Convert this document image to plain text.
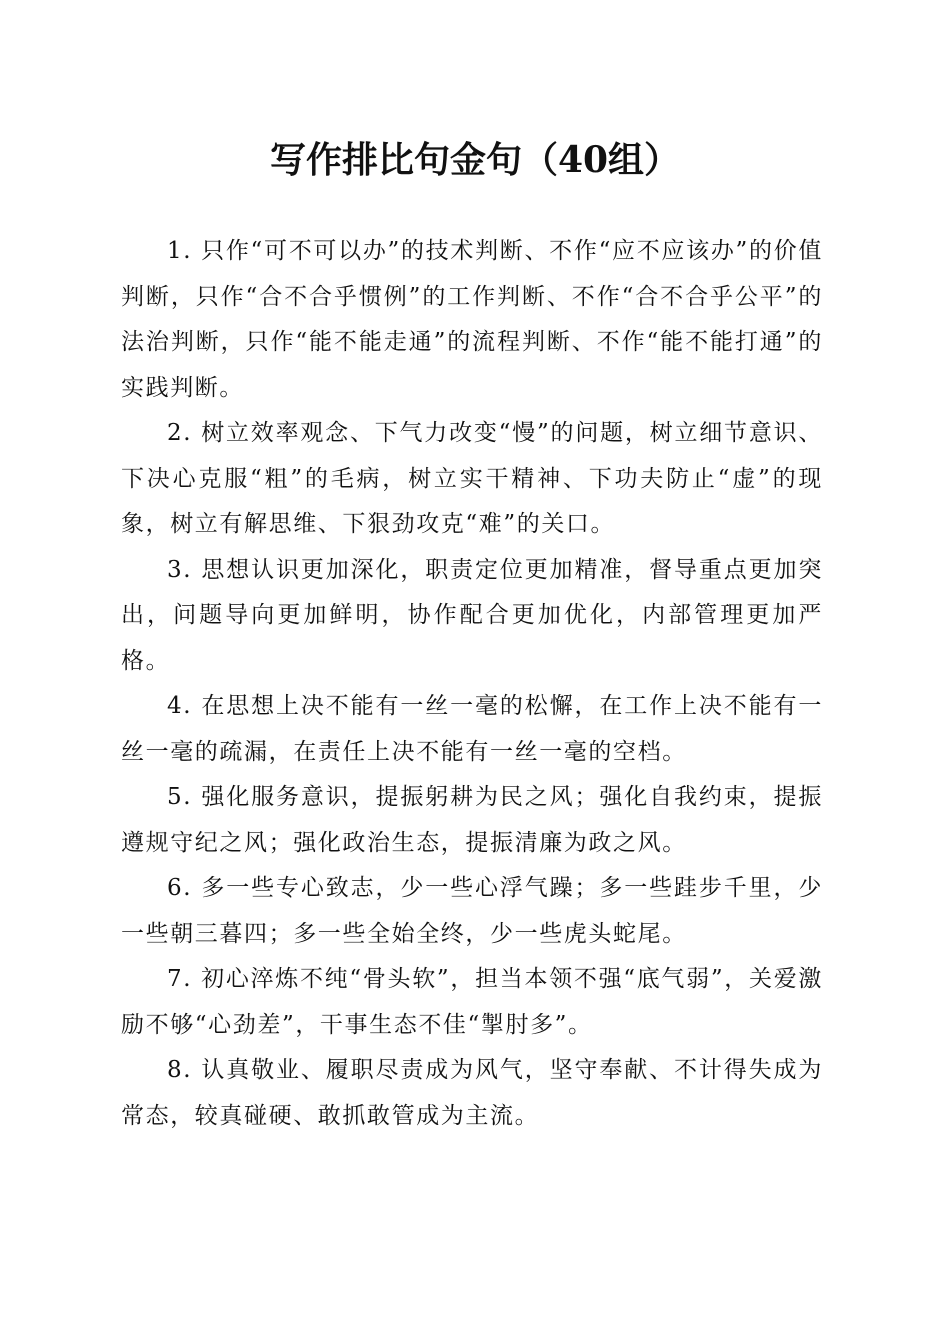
写作排比句金句（40组）

1. 只作“可不可以办”的技术判断、不作“应不应该办”的价值判断，只作“合不合乎惯例”的工作判断、不作“合不合乎公平”的法治判断，只作“能不能走通”的流程判断、不作“能不能打通”的实践判断。

2. 树立效率观念、下气力改变“慢”的问题，树立细节意识、下决心克服“粗”的毛病，树立实干精神、下功夫防止“虚”的现象，树立有解思维、下狠劲攻克“难”的关口。

3. 思想认识更加深化，职责定位更加精准，督导重点更加突出，问题导向更加鲜明，协作配合更加优化，内部管理更加严格。

4. 在思想上决不能有一丝一毫的松懈，在工作上决不能有一丝一毫的疏漏，在责任上决不能有一丝一毫的空档。

5. 强化服务意识，提振躬耕为民之风；强化自我约束，提振遵规守纪之风；强化政治生态，提振清廉为政之风。

6. 多一些专心致志，少一些心浮气躁；多一些跬步千里，少一些朝三暮四；多一些全始全终，少一些虎头蛇尾。

7. 初心淬炼不纯“骨头软”，担当本领不强“底气弱”，关爱激励不够“心劲差”，干事生态不佳“掣肘多”。

8. 认真敬业、履职尽责成为风气，坚守奉献、不计得失成为常态，较真碰硬、敢抓敢管成为主流。
